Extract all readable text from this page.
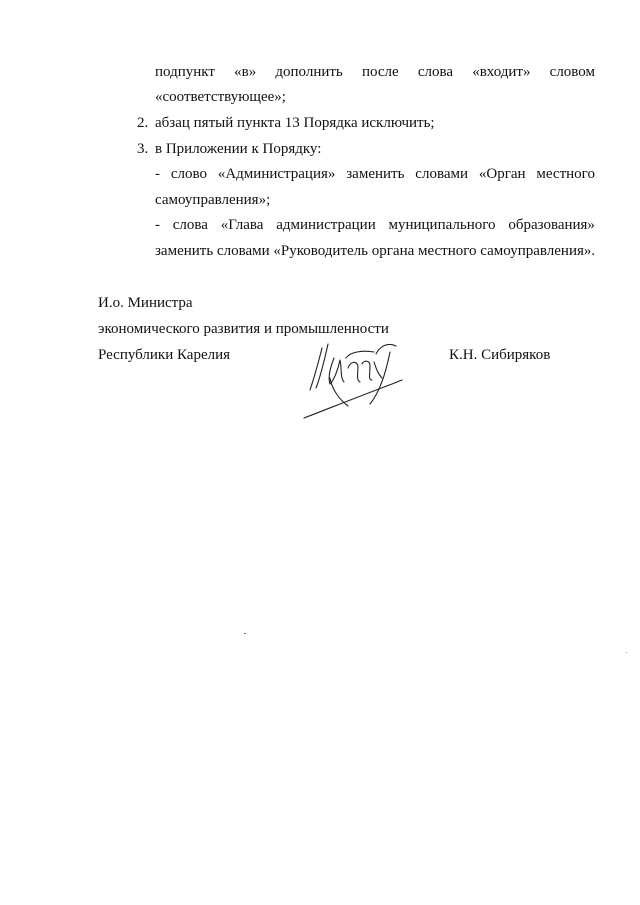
подпункт «в» дополнить после слова «входит» словом
«соответствующее»;
2. абзац пятый пункта 13 Порядка исключить;
3. в Приложении к Порядку:
- слово «Администрация» заменить словами «Орган местного
самоуправления»;
- слова «Глава администрации муниципального образования»
заменить словами «Руководитель органа местного самоуправления».
И.о. Министра
экономического развития и промышленности
Республики Карелия	К.Н. Сибиряков
